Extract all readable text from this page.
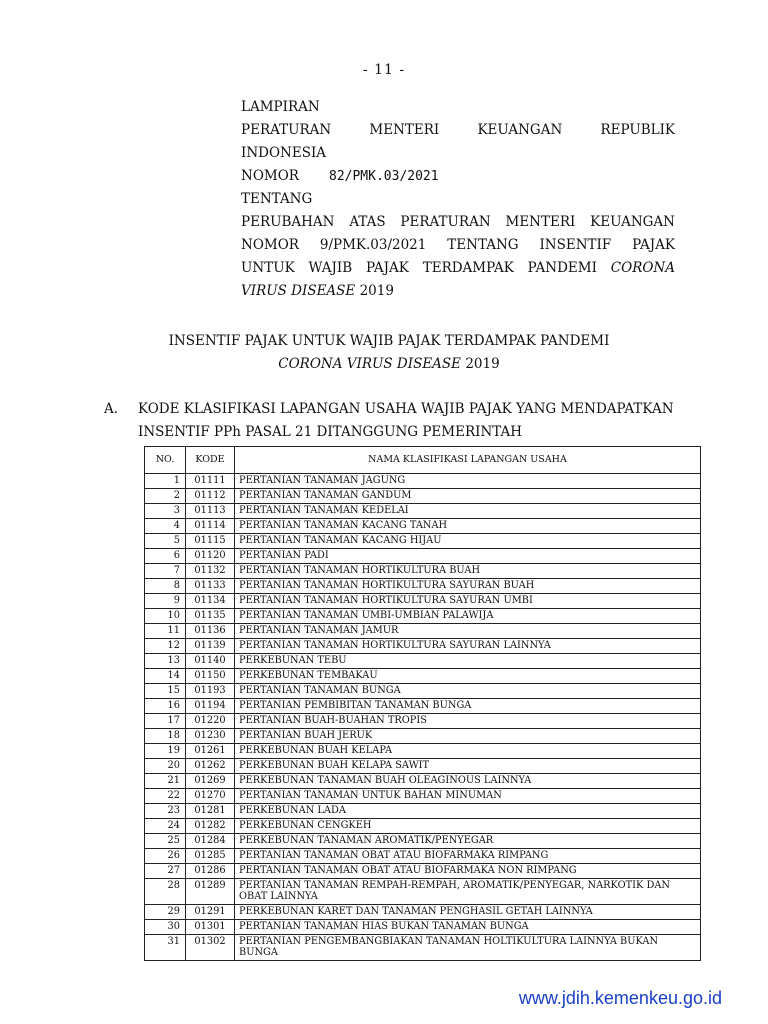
- 11 -
LAMPIRAN
PERATURAN	MENTERI	KEUANGAN	REPUBLIK
INDONESIA
NOMOR 82/PMK.03/2021
TENTANG
PERUBAHAN ATAS PERATURAN MENTERI KEUANGAN
NOMOR 9/PMK.03/2021 TENTANG INSENTIF PAJAK
UNTUK WAJIB PAJAK TERDAMPAK PANDEMI CORONA
VIRUS DISEASE 2019
INSENTIF PAJAK UNTUK WAJIB PAJAK TERDAMPAK PANDEMI
CORONA VIRUS DISEASE 2019
A. KODE KLASIFIKASI LAPANGAN USAHA WAJIB PAJAK YANG MENDAPATKAN
INSENTIF PPh PASAL 21 DITANGGUNG PEMERINTAH
NO.	KODE	NAMA KLASIFIKASI LAPANGAN USAHA
1	01111	PERTANIAN TANAMAN JAGUNG
2	01112	PERTANIAN TANAMAN GANDUM
3	01113	PERTANIAN TANAMAN KEDELAI
4	01114	PERTANIAN TANAMAN KACANG TANAH
5	01115	PERTANIAN TANAMAN KACANG HIJAU
6	01120	PERTANIAN PADI
7	01132	PERTANIAN TANAMAN HORTIKULTURA BUAH
8	01133	PERTANIAN TANAMAN HORTIKULTURA SAYURAN BUAH
9	01134	PERTANIAN TANAMAN HORTIKULTURA SAYURAN UMBI
10	01135	PERTANIAN TANAMAN UMBI-UMBIAN PALAWIJA
11	01136	PERTANIAN TANAMAN JAMUR
12	01139	PERTANIAN TANAMAN HORTIKULTURA SAYURAN LAINNYA
13	01140	PERKEBUNAN TEBU
14	01150	PERKEBUNAN TEMBAKAU
15	01193	PERTANIAN TANAMAN BUNGA
16	01194	PERTANIAN PEMBIBITAN TANAMAN BUNGA
17	01220	PERTANIAN BUAH-BUAHAN TROPIS
18	01230	PERTANIAN BUAH JERUK
19	01261	PERKEBUNAN BUAH KELAPA
20	01262	PERKEBUNAN BUAH KELAPA SAWIT
21	01269	PERKEBUNAN TANAMAN BUAH OLEAGINOUS LAINNYA
22	01270	PERTANIAN TANAMAN UNTUK BAHAN MINUMAN
23	01281	PERKEBUNAN LADA
24	01282	PERKEBUNAN CENGKEH
25	01284	PERKEBUNAN TANAMAN AROMATIK/PENYEGAR
26	01285	PERTANIAN TANAMAN OBAT ATAU BIOFARMAKA RIMPANG
27	01286	PERTANIAN TANAMAN OBAT ATAU BIOFARMAKA NON RIMPANG
28	01289	PERTANIAN TANAMAN REMPAH-REMPAH, AROMATIK/PENYEGAR, NARKOTIK DAN OBAT LAINNYA
29	01291	PERKEBUNAN KARET DAN TANAMAN PENGHASIL GETAH LAINNYA
30	01301	PERTANIAN TANAMAN HIAS BUKAN TANAMAN BUNGA
31	01302	PERTANIAN PENGEMBANGBIAKAN TANAMAN HOLTIKULTURA LAINNYA BUKAN BUNGA
www.jdih.kemenkeu.go.id
